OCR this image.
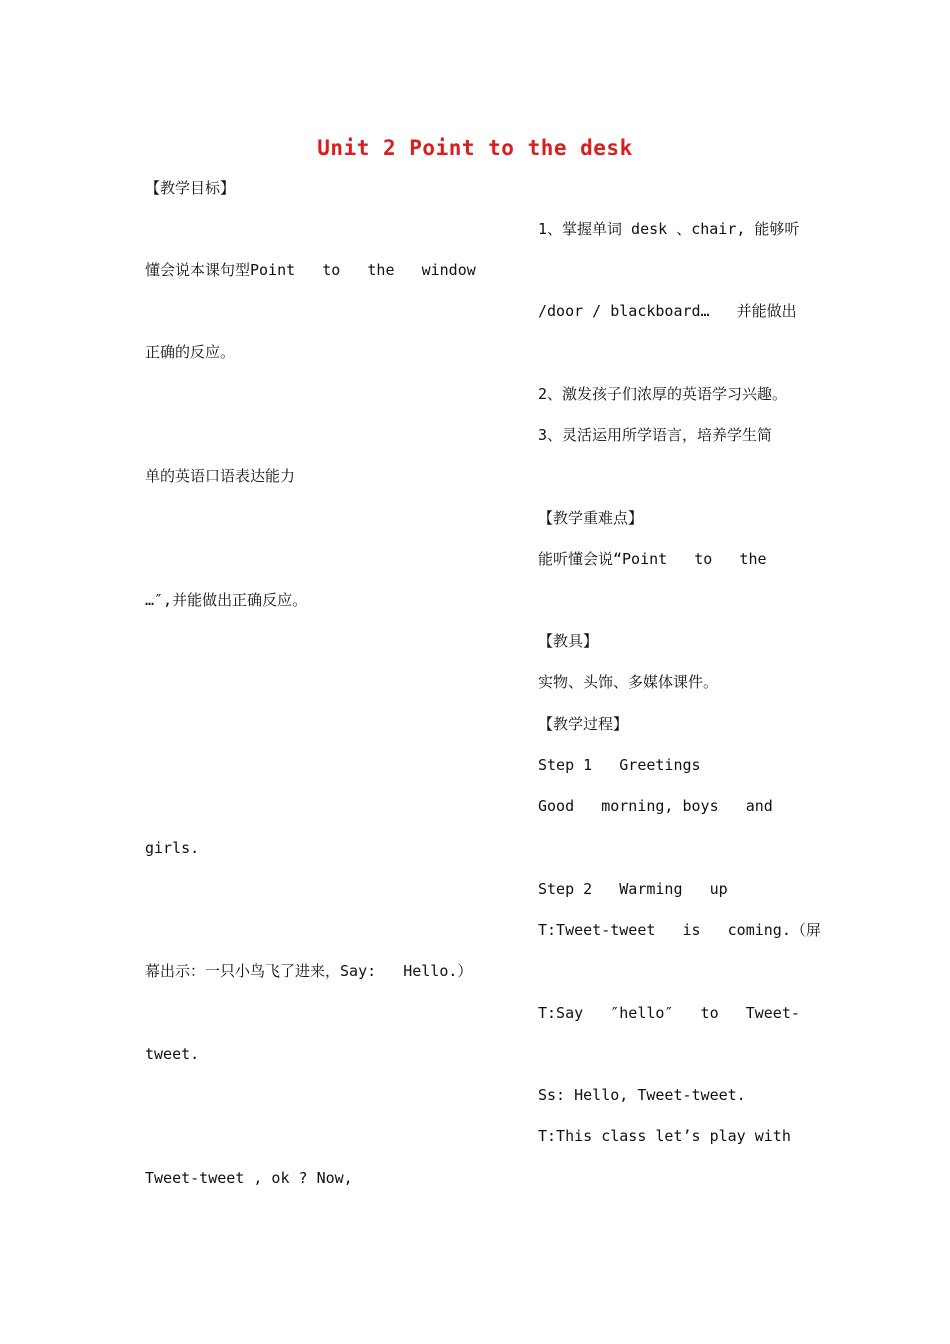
Unit 2 Point to the desk
【教学目标】
1、掌握单词 desk 、chair, 能够听
懂会说本课句型Point   to   the   window
/door / blackboard…   并能做出
正确的反应。
2、激发孩子们浓厚的英语学习兴趣。
3、灵活运用所学语言，培养学生简
单的英语口语表达能力
【教学重难点】
能听懂会说“Point   to   the
…″,并能做出正确反应。
【教具】
实物、头饰、多媒体课件。
【教学过程】
Step 1   Greetings
Good   morning, boys   and
girls.
Step 2   Warming   up
T:Tweet-tweet   is   coming.（屏
幕出示：一只小鸟飞了进来，Say:   Hello.）
T:Say   ″hello″   to   Tweet-
tweet.
Ss: Hello, Tweet-tweet.
T:This class let’s play with
Tweet-tweet , ok ? Now,
